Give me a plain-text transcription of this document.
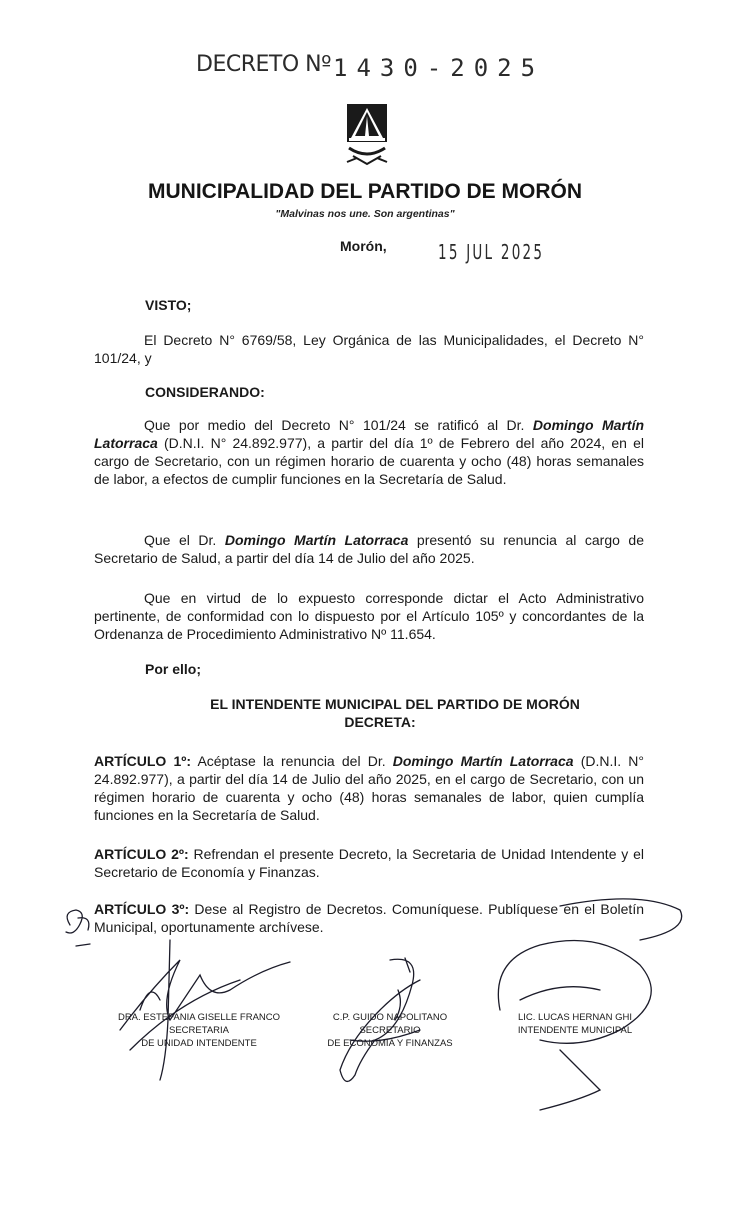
DECRETO Nº 1430-2025
MUNICIPALIDAD DEL PARTIDO DE MORÓN
"Malvinas nos une. Son argentinas"
Morón,	15 JUL 2025
VISTO;
El Decreto N° 6769/58, Ley Orgánica de las Municipalidades, el Decreto N° 101/24, y
CONSIDERANDO:
Que por medio del Decreto N° 101/24 se ratificó al Dr. Domingo Martín Latorraca (D.N.I. N° 24.892.977), a partir del día 1º de Febrero del año 2024, en el cargo de Secretario, con un régimen horario de cuarenta y ocho (48) horas semanales de labor, a efectos de cumplir funciones en la Secretaría de Salud.
Que el Dr. Domingo Martín Latorraca presentó su renuncia al cargo de Secretario de Salud, a partir del día 14 de Julio del año 2025.
Que en virtud de lo expuesto corresponde dictar el Acto Administrativo pertinente, de conformidad con lo dispuesto por el Artículo 105º y concordantes de la Ordenanza de Procedimiento Administrativo Nº 11.654.
Por ello;
EL INTENDENTE MUNICIPAL DEL PARTIDO DE MORÓN
DECRETA:
ARTÍCULO 1º: Acéptase la renuncia del Dr. Domingo Martín Latorraca (D.N.I. N° 24.892.977), a partir del día 14 de Julio del año 2025, en el cargo de Secretario, con un régimen horario de cuarenta y ocho (48) horas semanales de labor, quien cumplía funciones en la Secretaría de Salud.
ARTÍCULO 2º: Refrendan el presente Decreto, la Secretaria de Unidad Intendente y el Secretario de Economía y Finanzas.
ARTÍCULO 3º: Dese al Registro de Decretos. Comuníquese. Publíquese en el Boletín Municipal, oportunamente archívese.
DRA. ESTEFANIA GISELLE FRANCO
SECRETARIA
DE UNIDAD INTENDENTE
C.P. GUIDO NAPOLITANO
SECRETARIO
DE ECONOMIA Y FINANZAS
LIC. LUCAS HERNAN GHI
INTENDENTE MUNICIPAL
